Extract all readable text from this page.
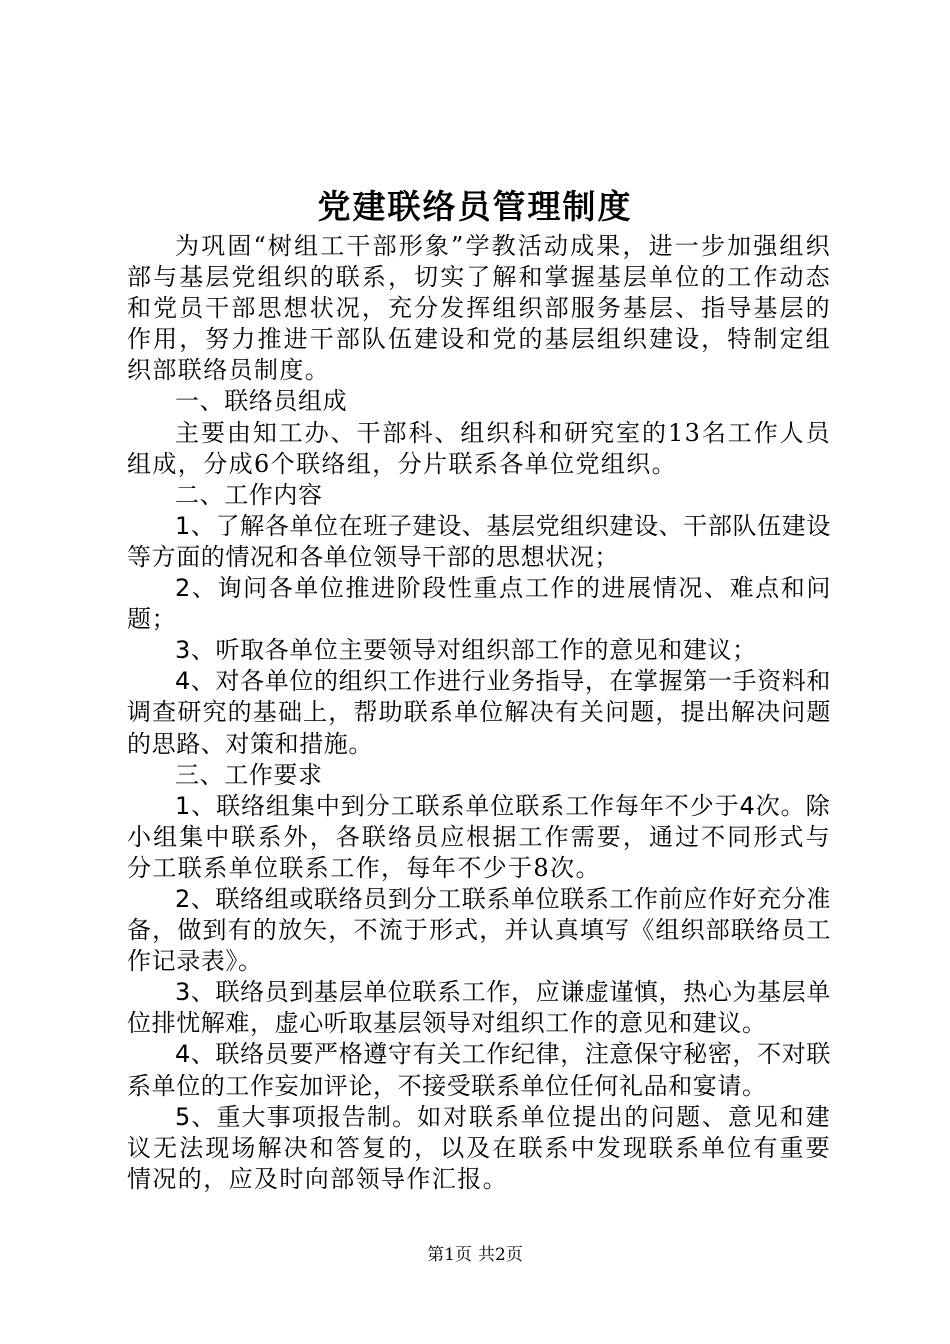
党建联络员管理制度

为巩固“树组工干部形象”学教活动成果，进一步加强组织部与基层党组织的联系，切实了解和掌握基层单位的工作动态和党员干部思想状况，充分发挥组织部服务基层、指导基层的作用，努力推进干部队伍建设和党的基层组织建设，特制定组织部联络员制度。

一、联络员组成

主要由知工办、干部科、组织科和研究室的13名工作人员组成，分成6个联络组，分片联系各单位党组织。

二、工作内容

1、了解各单位在班子建设、基层党组织建设、干部队伍建设等方面的情况和各单位领导干部的思想状况；

2、询问各单位推进阶段性重点工作的进展情况、难点和问题；

3、听取各单位主要领导对组织部工作的意见和建议；

4、对各单位的组织工作进行业务指导，在掌握第一手资料和调查研究的基础上，帮助联系单位解决有关问题，提出解决问题的思路、对策和措施。

三、工作要求

1、联络组集中到分工联系单位联系工作每年不少于4次。除小组集中联系外，各联络员应根据工作需要，通过不同形式与分工联系单位联系工作，每年不少于8次。

2、联络组或联络员到分工联系单位联系工作前应作好充分准备，做到有的放矢，不流于形式，并认真填写《组织部联络员工作记录表》。

3、联络员到基层单位联系工作，应谦虚谨慎，热心为基层单位排忧解难，虚心听取基层领导对组织工作的意见和建议。

4、联络员要严格遵守有关工作纪律，注意保守秘密，不对联系单位的工作妄加评论，不接受联系单位任何礼品和宴请。

5、重大事项报告制。如对联系单位提出的问题、意见和建议无法现场解决和答复的，以及在联系中发现联系单位有重要情况的，应及时向部领导作汇报。

第1页 共2页
